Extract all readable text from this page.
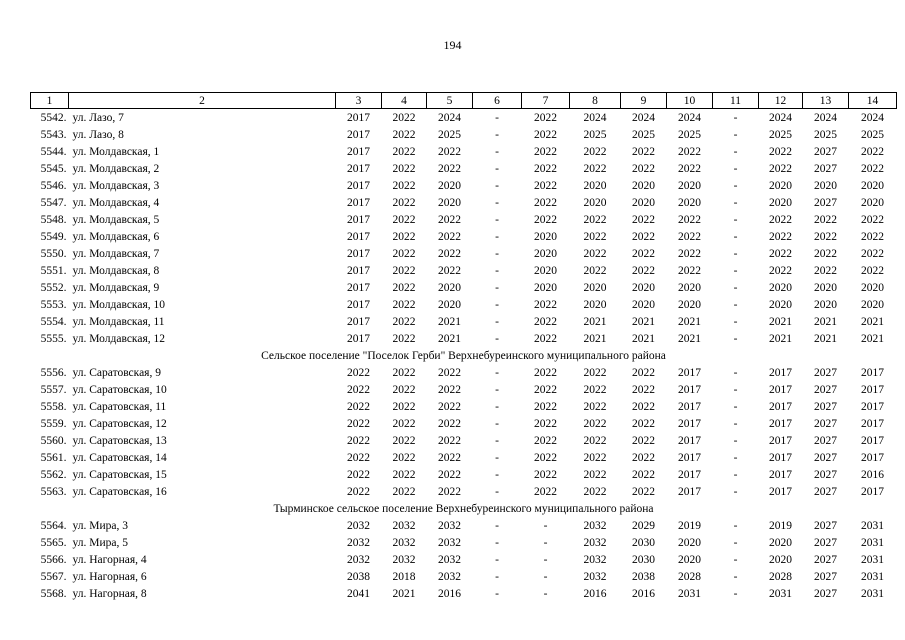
194
1	2	3	4	5	6	7	8	9	10	11	12	13	14
5542.	ул. Лазо, 7	2017	2022	2024	-	2022	2024	2024	2024	-	2024	2024	2024
5543.	ул. Лазо, 8	2017	2022	2025	-	2022	2025	2025	2025	-	2025	2025	2025
5544.	ул. Молдавская, 1	2017	2022	2022	-	2022	2022	2022	2022	-	2022	2027	2022
5545.	ул. Молдавская, 2	2017	2022	2022	-	2022	2022	2022	2022	-	2022	2027	2022
5546.	ул. Молдавская, 3	2017	2022	2020	-	2022	2020	2020	2020	-	2020	2020	2020
5547.	ул. Молдавская, 4	2017	2022	2020	-	2022	2020	2020	2020	-	2020	2027	2020
5548.	ул. Молдавская, 5	2017	2022	2022	-	2022	2022	2022	2022	-	2022	2022	2022
5549.	ул. Молдавская, 6	2017	2022	2022	-	2020	2022	2022	2022	-	2022	2022	2022
5550.	ул. Молдавская, 7	2017	2022	2022	-	2020	2022	2022	2022	-	2022	2022	2022
5551.	ул. Молдавская, 8	2017	2022	2022	-	2020	2022	2022	2022	-	2022	2022	2022
5552.	ул. Молдавская, 9	2017	2022	2020	-	2020	2020	2020	2020	-	2020	2020	2020
5553.	ул. Молдавская, 10	2017	2022	2020	-	2022	2020	2020	2020	-	2020	2020	2020
5554.	ул. Молдавская, 11	2017	2022	2021	-	2022	2021	2021	2021	-	2021	2021	2021
5555.	ул. Молдавская, 12	2017	2022	2021	-	2022	2021	2021	2021	-	2021	2021	2021
Сельское поселение "Поселок Герби" Верхнебуреинского муниципального района													
5556.	ул. Саратовская, 9	2022	2022	2022	-	2022	2022	2022	2017	-	2017	2027	2017
5557.	ул. Саратовская, 10	2022	2022	2022	-	2022	2022	2022	2017	-	2017	2027	2017
5558.	ул. Саратовская, 11	2022	2022	2022	-	2022	2022	2022	2017	-	2017	2027	2017
5559.	ул. Саратовская, 12	2022	2022	2022	-	2022	2022	2022	2017	-	2017	2027	2017
5560.	ул. Саратовская, 13	2022	2022	2022	-	2022	2022	2022	2017	-	2017	2027	2017
5561.	ул. Саратовская, 14	2022	2022	2022	-	2022	2022	2022	2017	-	2017	2027	2017
5562.	ул. Саратовская, 15	2022	2022	2022	-	2022	2022	2022	2017	-	2017	2027	2016
5563.	ул. Саратовская, 16	2022	2022	2022	-	2022	2022	2022	2017	-	2017	2027	2017
Тырминское сельское поселение Верхнебуреинского муниципального района													
5564.	ул. Мира, 3	2032	2032	2032	-	-	2032	2029	2019	-	2019	2027	2031
5565.	ул. Мира, 5	2032	2032	2032	-	-	2032	2030	2020	-	2020	2027	2031
5566.	ул. Нагорная, 4	2032	2032	2032	-	-	2032	2030	2020	-	2020	2027	2031
5567.	ул. Нагорная, 6	2038	2018	2032	-	-	2032	2038	2028	-	2028	2027	2031
5568.	ул. Нагорная, 8	2041	2021	2016	-	-	2016	2016	2031	-	2031	2027	2031
